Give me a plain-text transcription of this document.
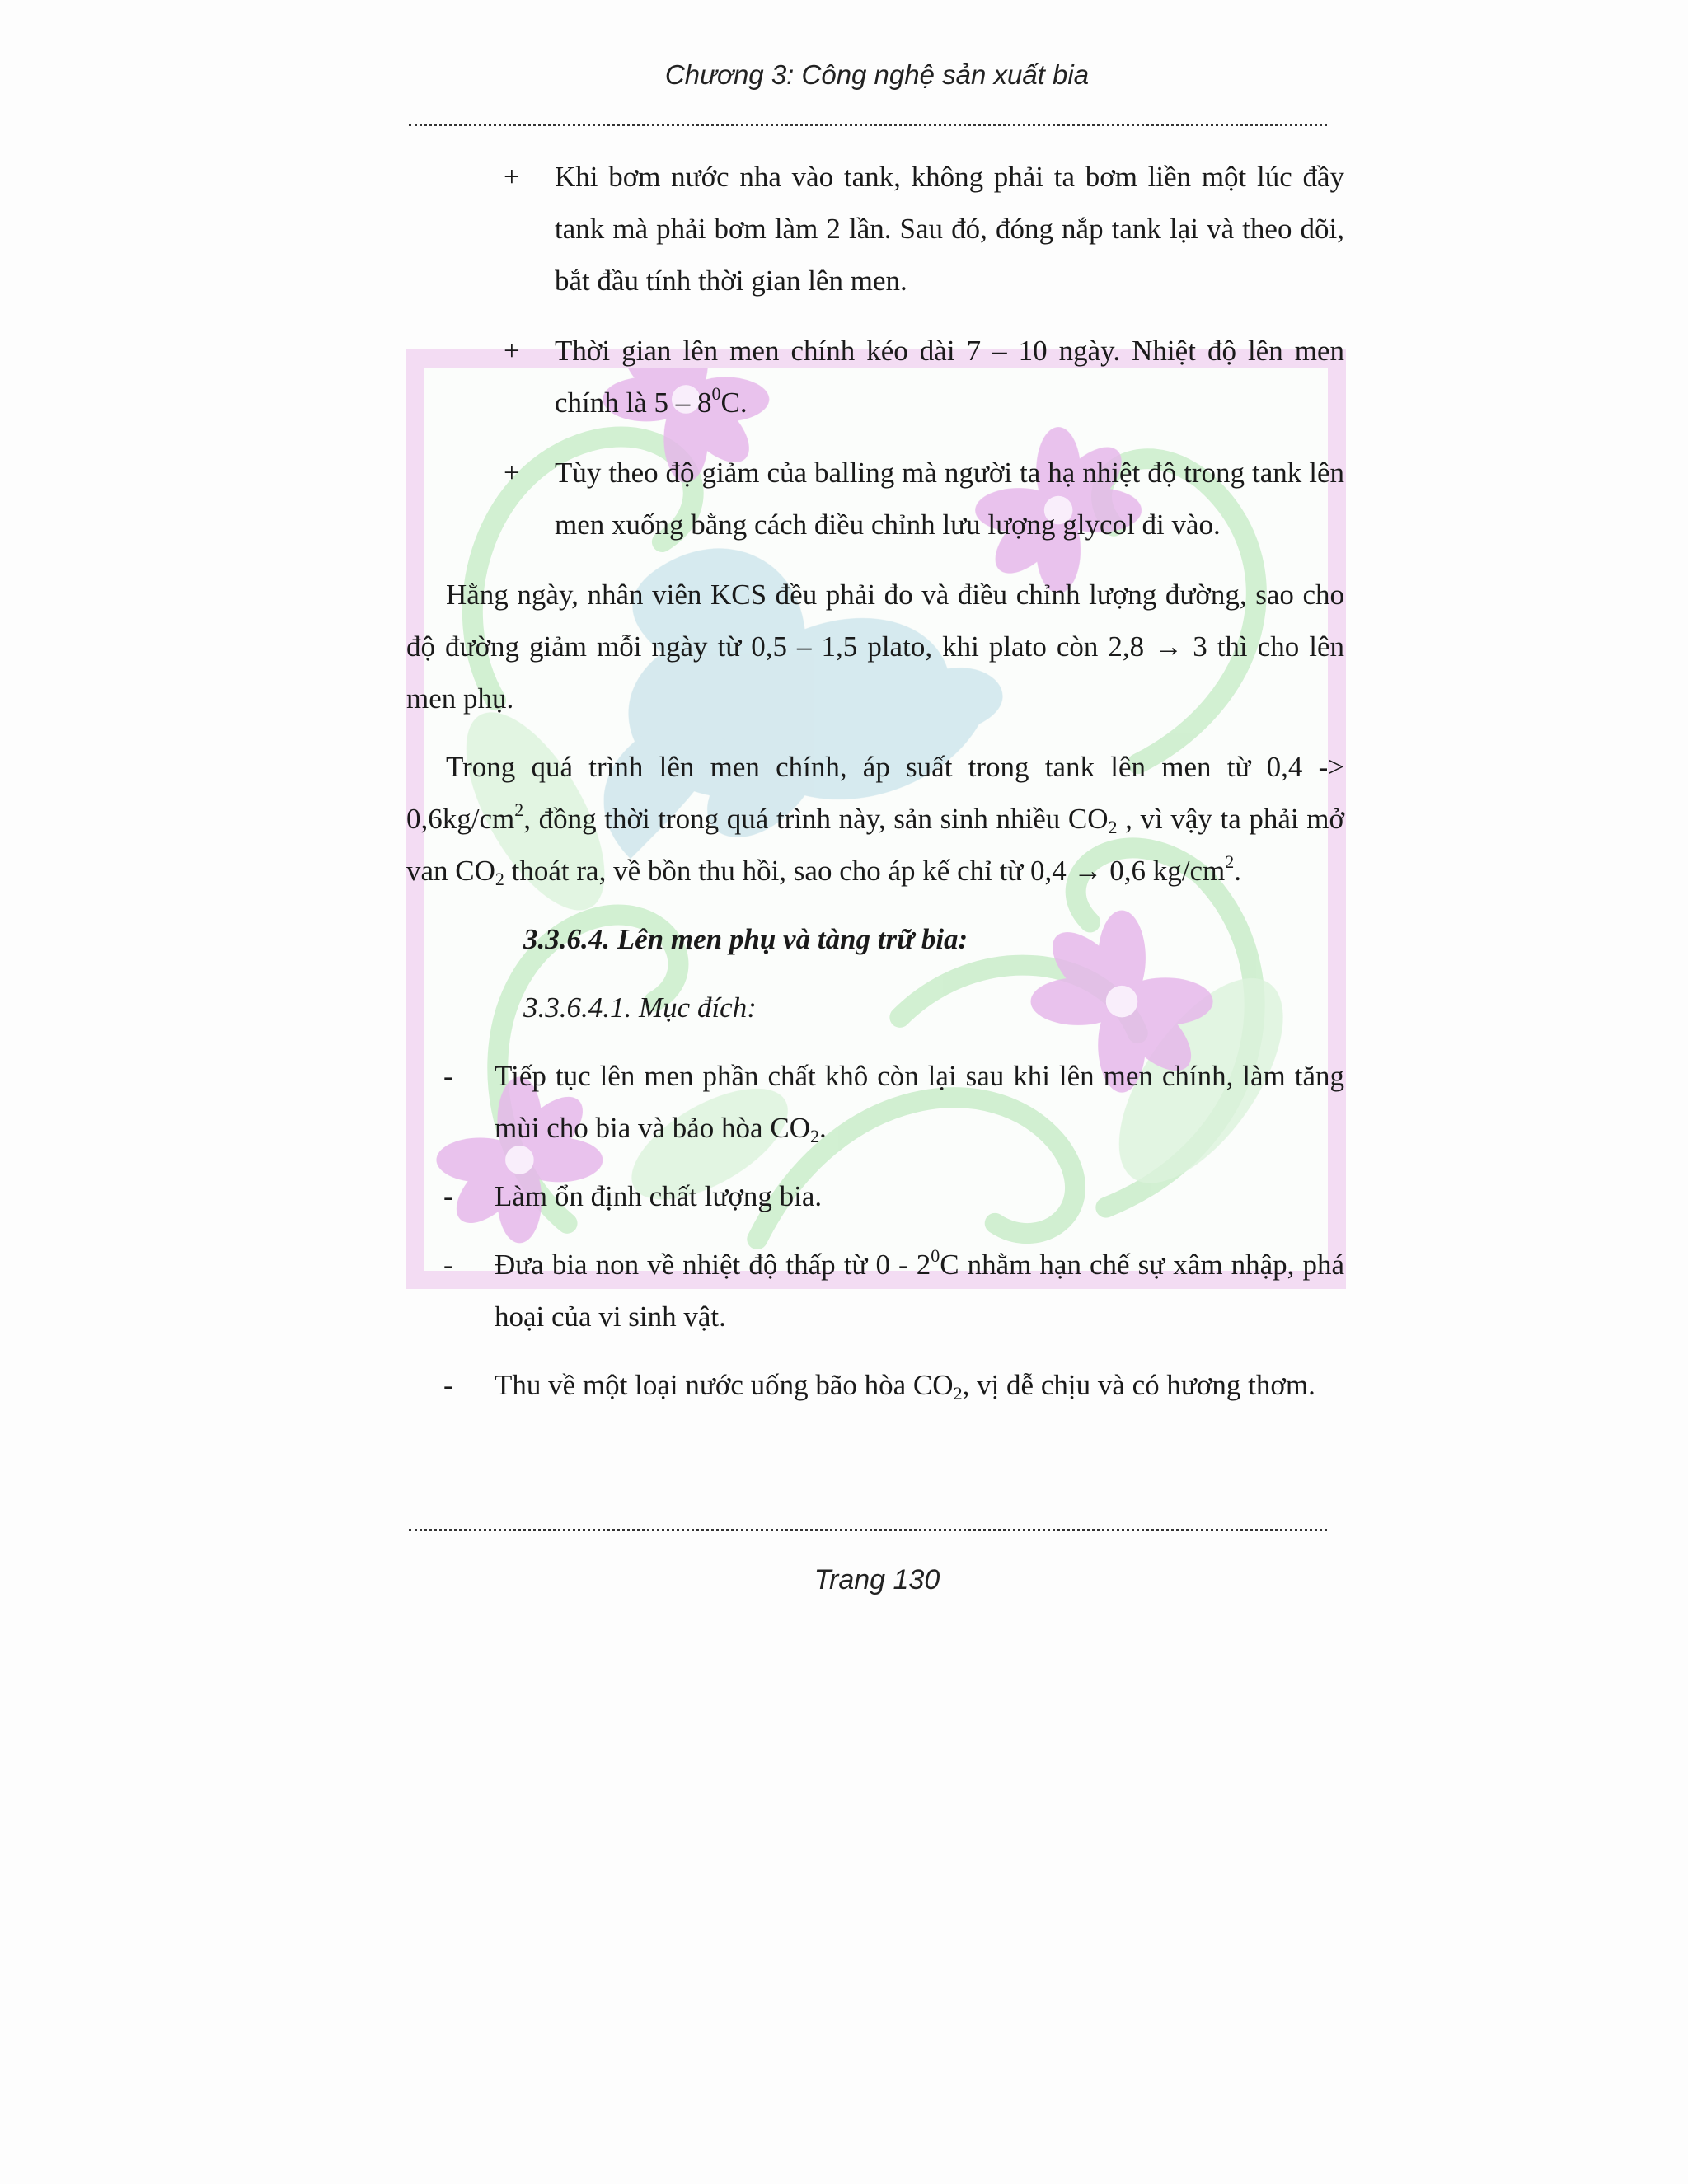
Chương 3: Công nghệ sản xuất bia
+ Khi bơm nước nha vào tank, không phải ta bơm liền một lúc đầy tank mà phải bơm làm 2 lần. Sau đó, đóng nắp tank lại và theo dõi, bắt đầu tính thời gian lên men.
+ Thời gian lên men chính kéo dài 7 – 10 ngày. Nhiệt độ lên men chính là $5 - 8^0C$.
+ Tùy theo độ giảm của balling mà người ta hạ nhiệt độ trong tank lên men xuống bằng cách điều chỉnh lưu lượng glycol đi vào.
Hằng ngày, nhân viên KCS đều phải đo và điều chỉnh lượng đường, sao cho độ đường giảm mỗi ngày từ 0,5 – 1,5 plato, khi plato còn 2,8 → 3 thì cho lên men phụ.
Trong quá trình lên men chính, áp suất trong tank lên men từ $0,4 -> 0,6kg/cm^2$, đồng thời trong quá trình này, sản sinh nhiều $CO_2$ , vì vậy ta phải mở van $CO_2$ thoát ra, về bồn thu hồi, sao cho áp kế chỉ từ 0,4 → 0,6 $kg/cm^2$.
3.3.6.4. Lên men phụ và tàng trữ bia:
3.3.6.4.1. Mục đích:
- Tiếp tục lên men phần chất khô còn lại sau khi lên men chính, làm tăng mùi cho bia và bảo hòa $CO_2$.
- Làm ổn định chất lượng bia.
- Đưa bia non về nhiệt độ thấp từ $0 - 2^0C$ nhằm hạn chế sự xâm nhập, phá hoại của vi sinh vật.
- Thu về một loại nước uống bão hòa $CO_2$, vị dễ chịu và có hương thơm.
Trang 130
